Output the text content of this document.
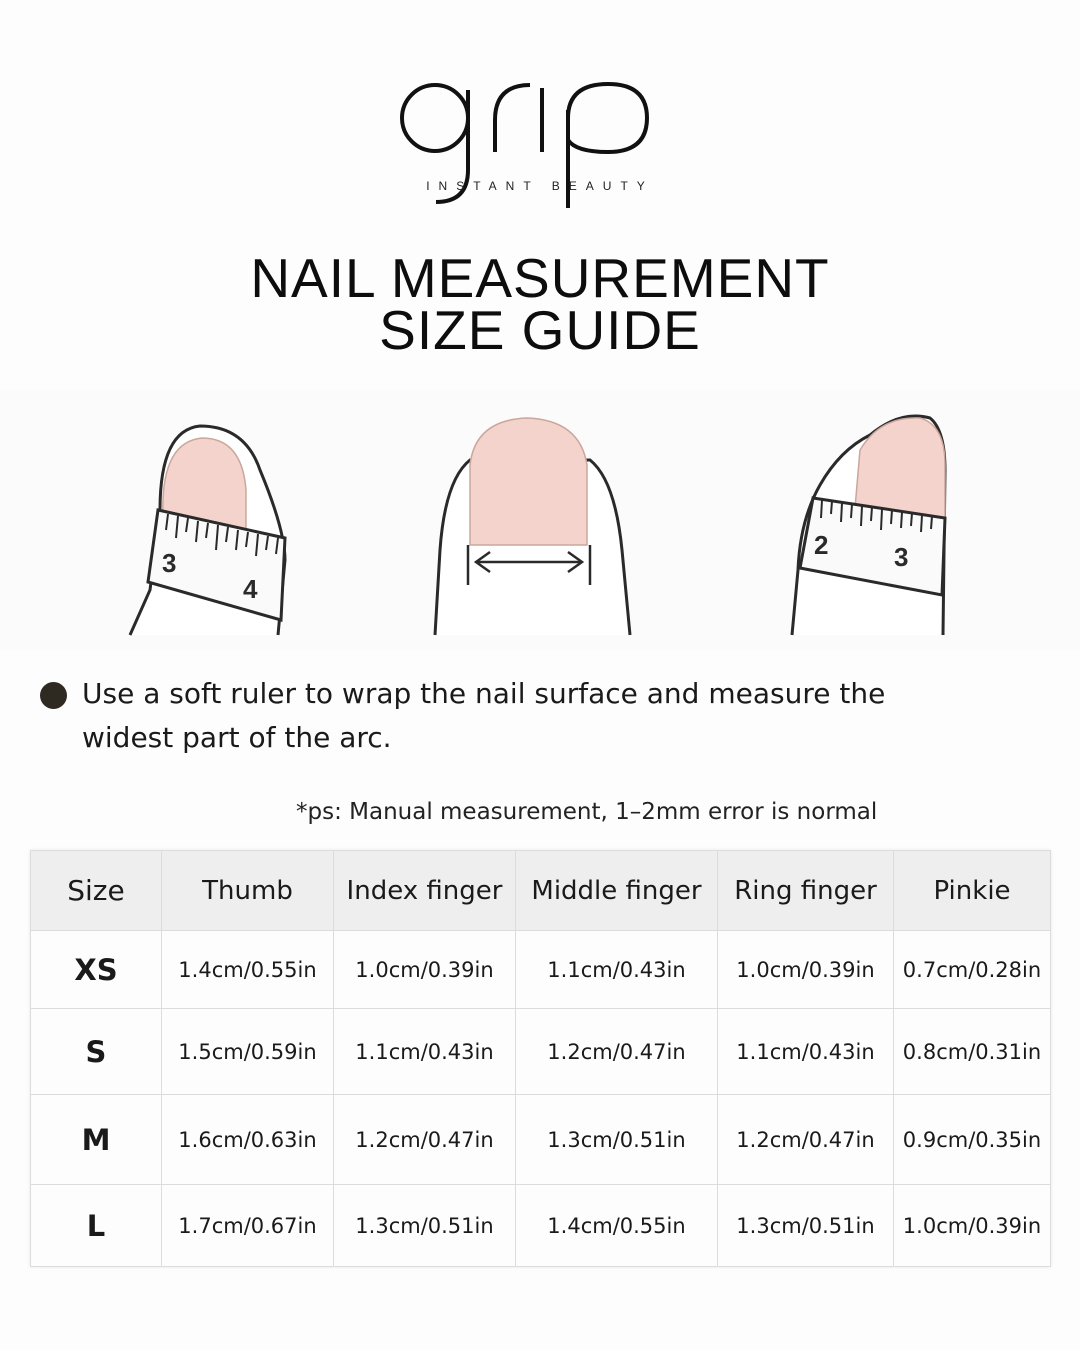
INSTANT BEAUTY
NAIL MEASUREMENT
SIZE GUIDE
3
4
2	3
Use a soft ruler to wrap the nail surface and measure the widest part of the arc.
*ps: Manual measurement, 1–2mm error is normal
Size	Thumb	Index finger	Middle finger	Ring finger	Pinkie
XS	1.4cm/0.55in	1.0cm/0.39in	1.1cm/0.43in	1.0cm/0.39in	0.7cm/0.28in
S	1.5cm/0.59in	1.1cm/0.43in	1.2cm/0.47in	1.1cm/0.43in	0.8cm/0.31in
M	1.6cm/0.63in	1.2cm/0.47in	1.3cm/0.51in	1.2cm/0.47in	0.9cm/0.35in
L	1.7cm/0.67in	1.3cm/0.51in	1.4cm/0.55in	1.3cm/0.51in	1.0cm/0.39in
